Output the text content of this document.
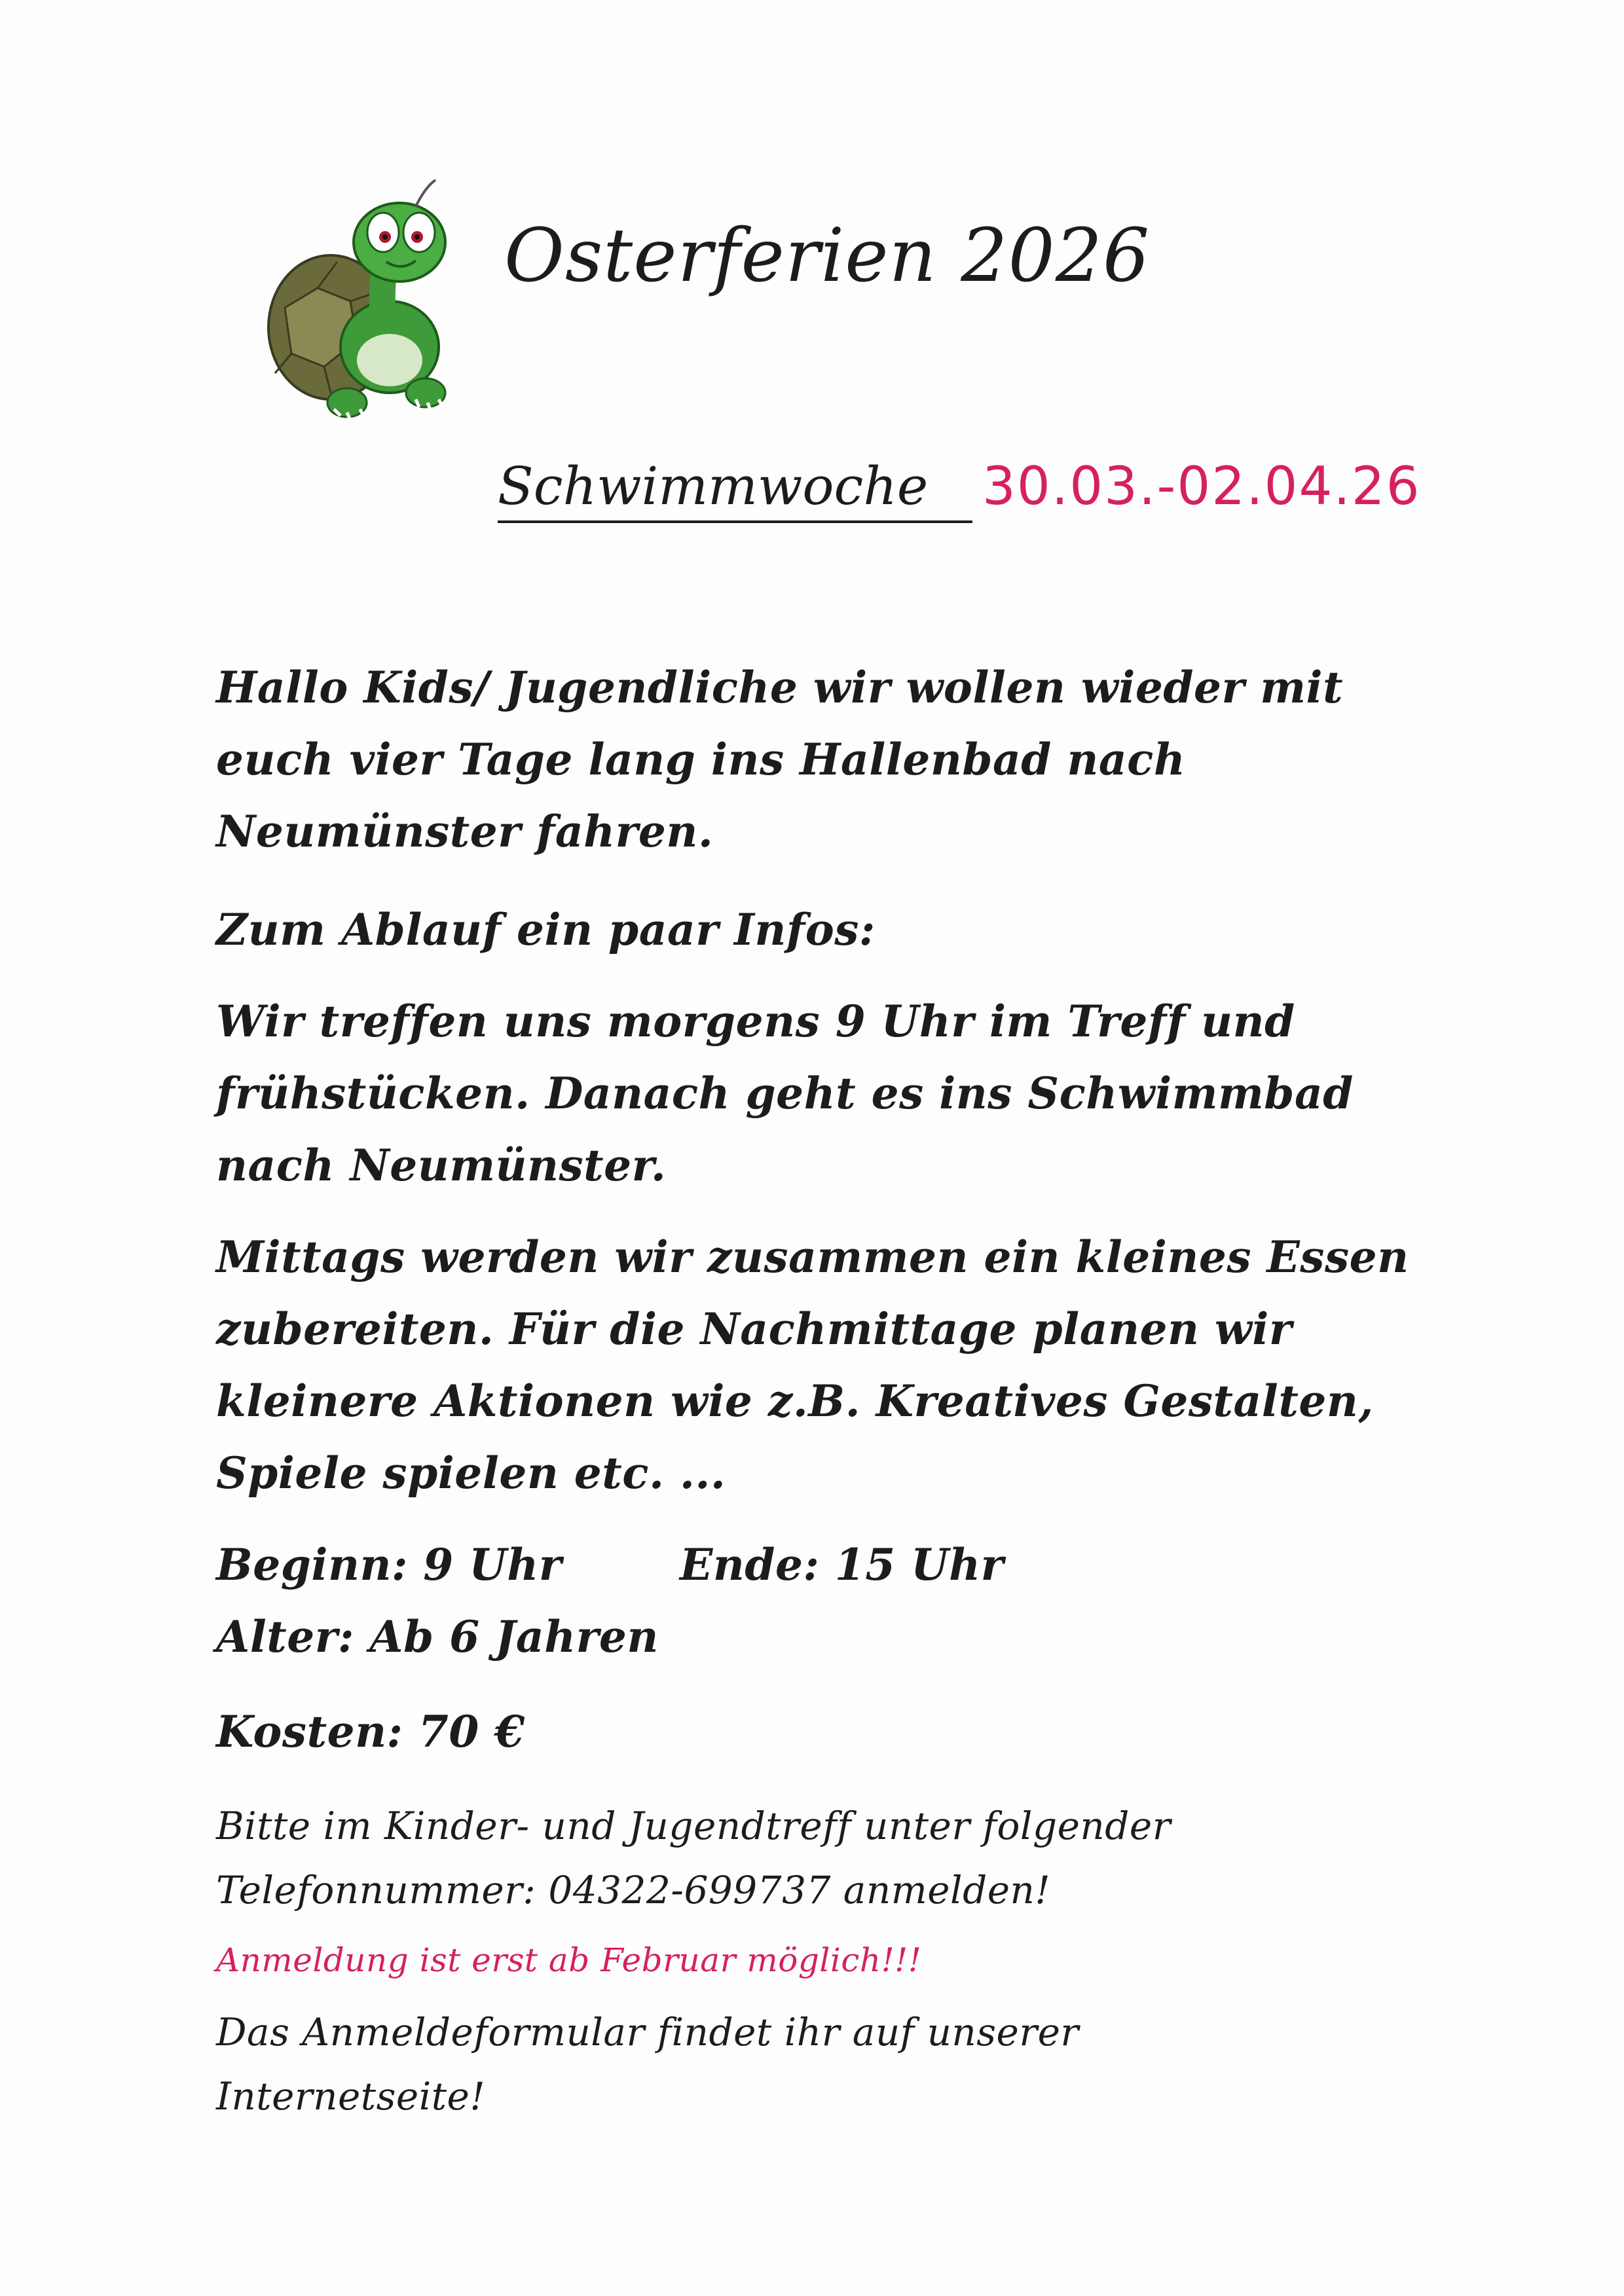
Osterferien 2026
Schwimmwoche 30.03.-02.04.26
Hallo Kids/ Jugendliche wir wollen wieder mit euch vier Tage lang ins Hallenbad nach Neumünster fahren.
Zum Ablauf ein paar Infos:
Wir treffen uns morgens 9 Uhr im Treff und frühstücken. Danach geht es ins Schwimmbad nach Neumünster.
Mittags werden wir zusammen ein kleines Essen zubereiten. Für die Nachmittage planen wir kleinere Aktionen wie z.B. Kreatives Gestalten, Spiele spielen etc. ...
Beginn: 9 Uhr	Ende: 15 Uhr
Alter: Ab 6 Jahren
Kosten: 70 €
Bitte im Kinder- und Jugendtreff unter folgender
Telefonnummer: 04322-699737 anmelden!
Anmeldung ist erst ab Februar möglich!!!
Das Anmeldeformular findet ihr auf unserer
Internetseite!
